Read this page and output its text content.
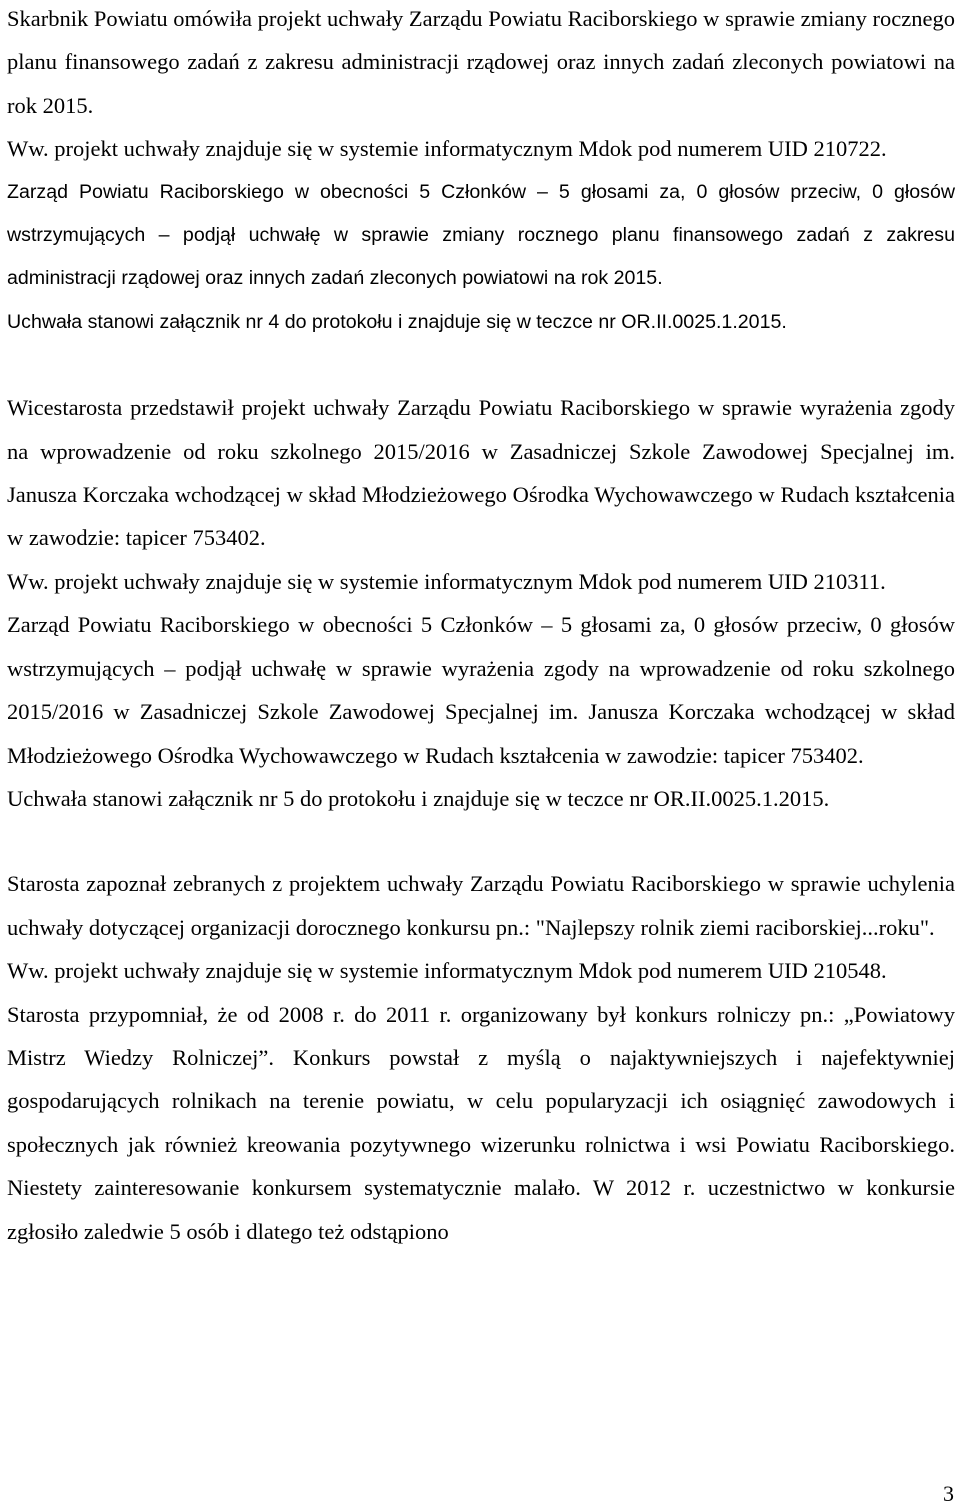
Skarbnik Powiatu omówiła projekt uchwały Zarządu Powiatu Raciborskiego w sprawie zmiany rocznego planu finansowego zadań z zakresu administracji rządowej oraz innych zadań zleconych powiatowi na rok 2015.

Ww. projekt uchwały znajduje się w systemie informatycznym Mdok pod numerem UID 210722.

Zarząd Powiatu Raciborskiego w obecności 5 Członków – 5 głosami za, 0 głosów przeciw, 0 głosów wstrzymujących – podjął uchwałę w sprawie zmiany rocznego planu finansowego zadań z zakresu administracji rządowej oraz innych zadań zleconych powiatowi na rok 2015.

Uchwała stanowi załącznik nr 4 do protokołu i znajduje się w teczce nr OR.II.0025.1.2015.

Wicestarosta przedstawił projekt uchwały Zarządu Powiatu Raciborskiego w sprawie wyrażenia zgody na wprowadzenie od roku szkolnego 2015/2016 w Zasadniczej Szkole Zawodowej Specjalnej im. Janusza Korczaka wchodzącej w skład Młodzieżowego Ośrodka Wychowawczego w Rudach kształcenia w zawodzie: tapicer 753402.

Ww. projekt uchwały znajduje się w systemie informatycznym Mdok pod numerem UID 210311.

Zarząd Powiatu Raciborskiego w obecności 5 Członków – 5 głosami za, 0 głosów przeciw, 0 głosów wstrzymujących – podjął uchwałę w sprawie wyrażenia zgody na wprowadzenie od roku szkolnego 2015/2016 w Zasadniczej Szkole Zawodowej Specjalnej im. Janusza Korczaka wchodzącej w skład Młodzieżowego Ośrodka Wychowawczego w Rudach kształcenia w zawodzie: tapicer 753402.

Uchwała stanowi załącznik nr 5 do protokołu i znajduje się w teczce nr OR.II.0025.1.2015.

Starosta zapoznał zebranych z projektem uchwały Zarządu Powiatu Raciborskiego w sprawie uchylenia uchwały dotyczącej organizacji dorocznego konkursu pn.: "Najlepszy rolnik ziemi raciborskiej...roku".

Ww. projekt uchwały znajduje się w systemie informatycznym Mdok pod numerem UID 210548.

Starosta przypomniał, że od 2008 r. do 2011 r. organizowany był konkurs rolniczy pn.: „Powiatowy Mistrz Wiedzy Rolniczej”. Konkurs powstał z myślą o najaktywniejszych i najefektywniej gospodarujących rolnikach na terenie powiatu, w celu popularyzacji ich osiągnięć zawodowych i społecznych jak również kreowania pozytywnego wizerunku rolnictwa i wsi Powiatu Raciborskiego. Niestety zainteresowanie konkursem systematycznie malało. W 2012 r. uczestnictwo w konkursie zgłosiło zaledwie 5 osób i dlatego też odstąpiono

3
